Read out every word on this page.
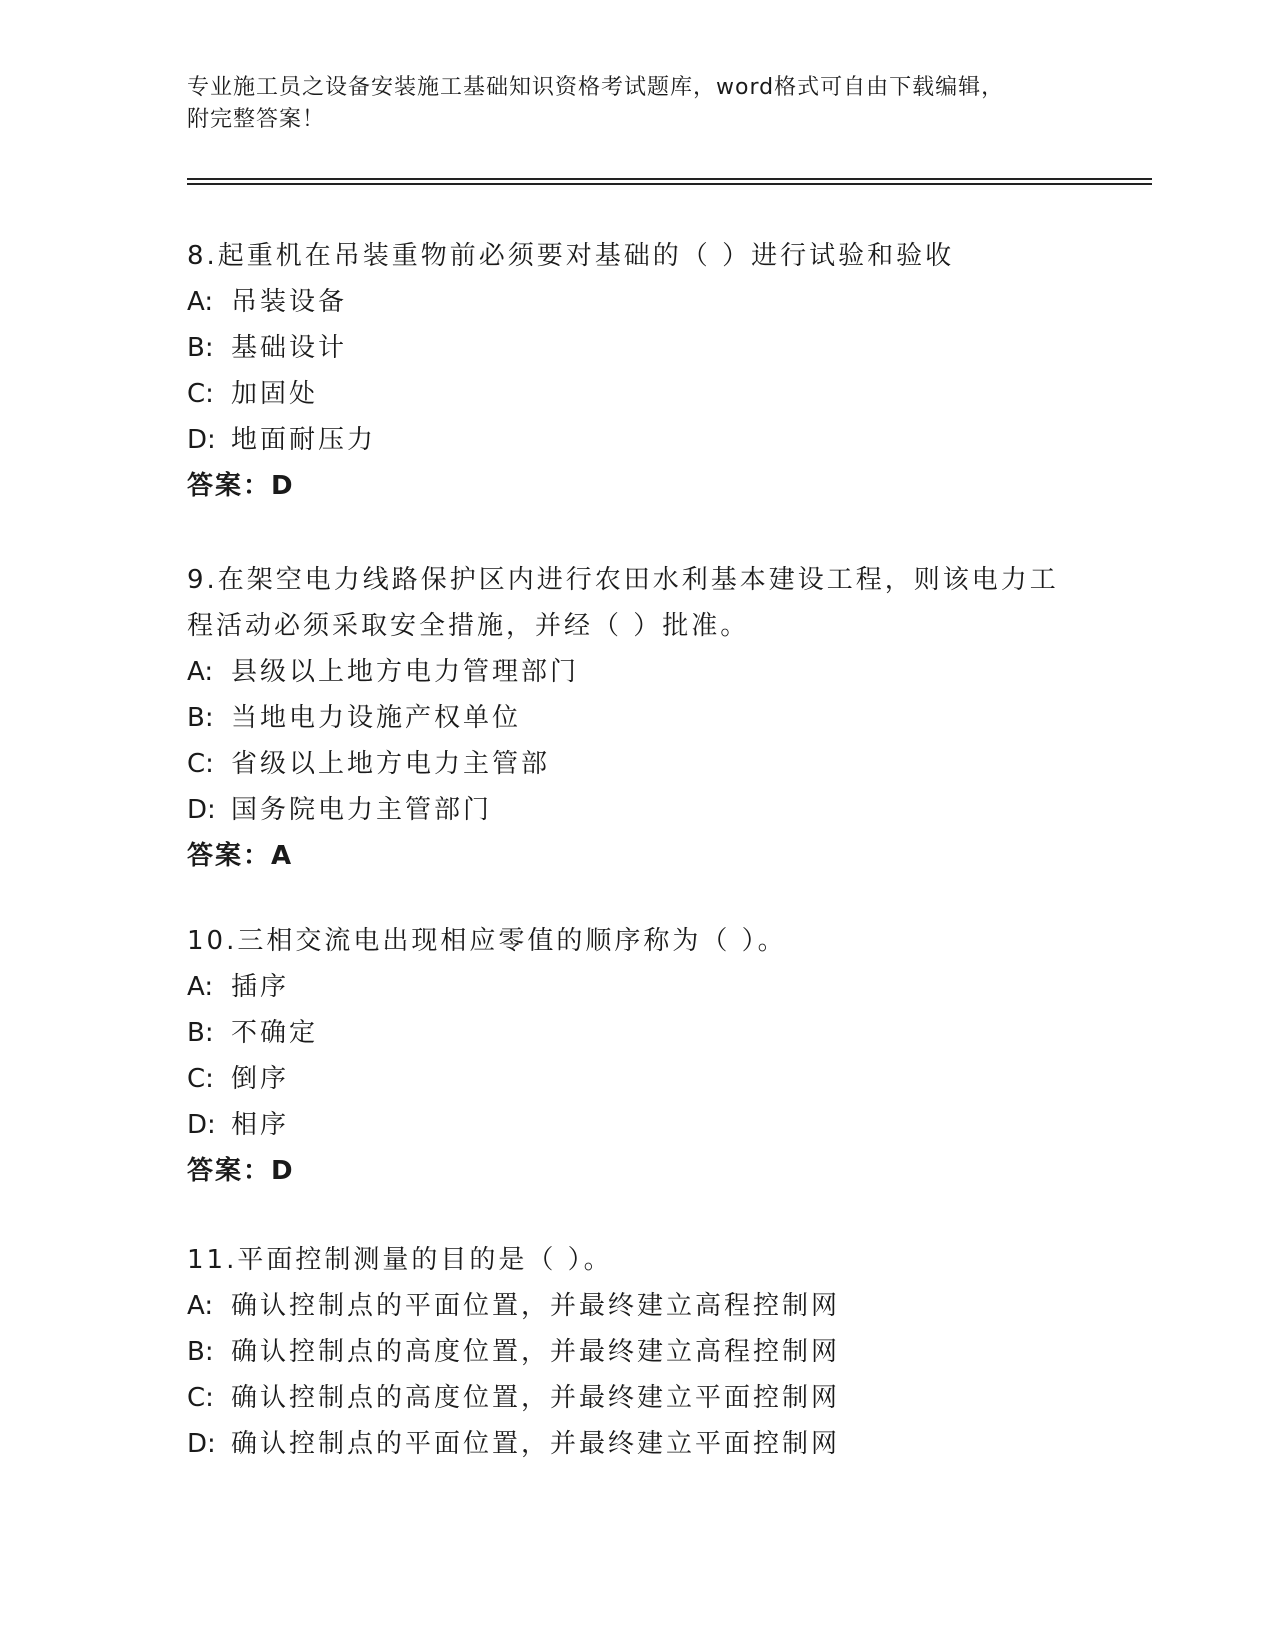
专业施工员之设备安装施工基础知识资格考试题库，word格式可自由下载编辑，
附完整答案！
8.起重机在吊装重物前必须要对基础的（ ）进行试验和验收
A: 吊装设备
B: 基础设计
C: 加固处
D: 地面耐压力
答案：D
9.在架空电力线路保护区内进行农田水利基本建设工程，则该电力工
程活动必须采取安全措施，并经（ ）批准。
A: 县级以上地方电力管理部门
B: 当地电力设施产权单位
C: 省级以上地方电力主管部
D: 国务院电力主管部门
答案：A
10.三相交流电出现相应零值的顺序称为（ ）。
A: 插序
B: 不确定
C: 倒序
D: 相序
答案：D
11.平面控制测量的目的是（ ）。
A: 确认控制点的平面位置，并最终建立高程控制网
B: 确认控制点的高度位置，并最终建立高程控制网
C: 确认控制点的高度位置，并最终建立平面控制网
D: 确认控制点的平面位置，并最终建立平面控制网
